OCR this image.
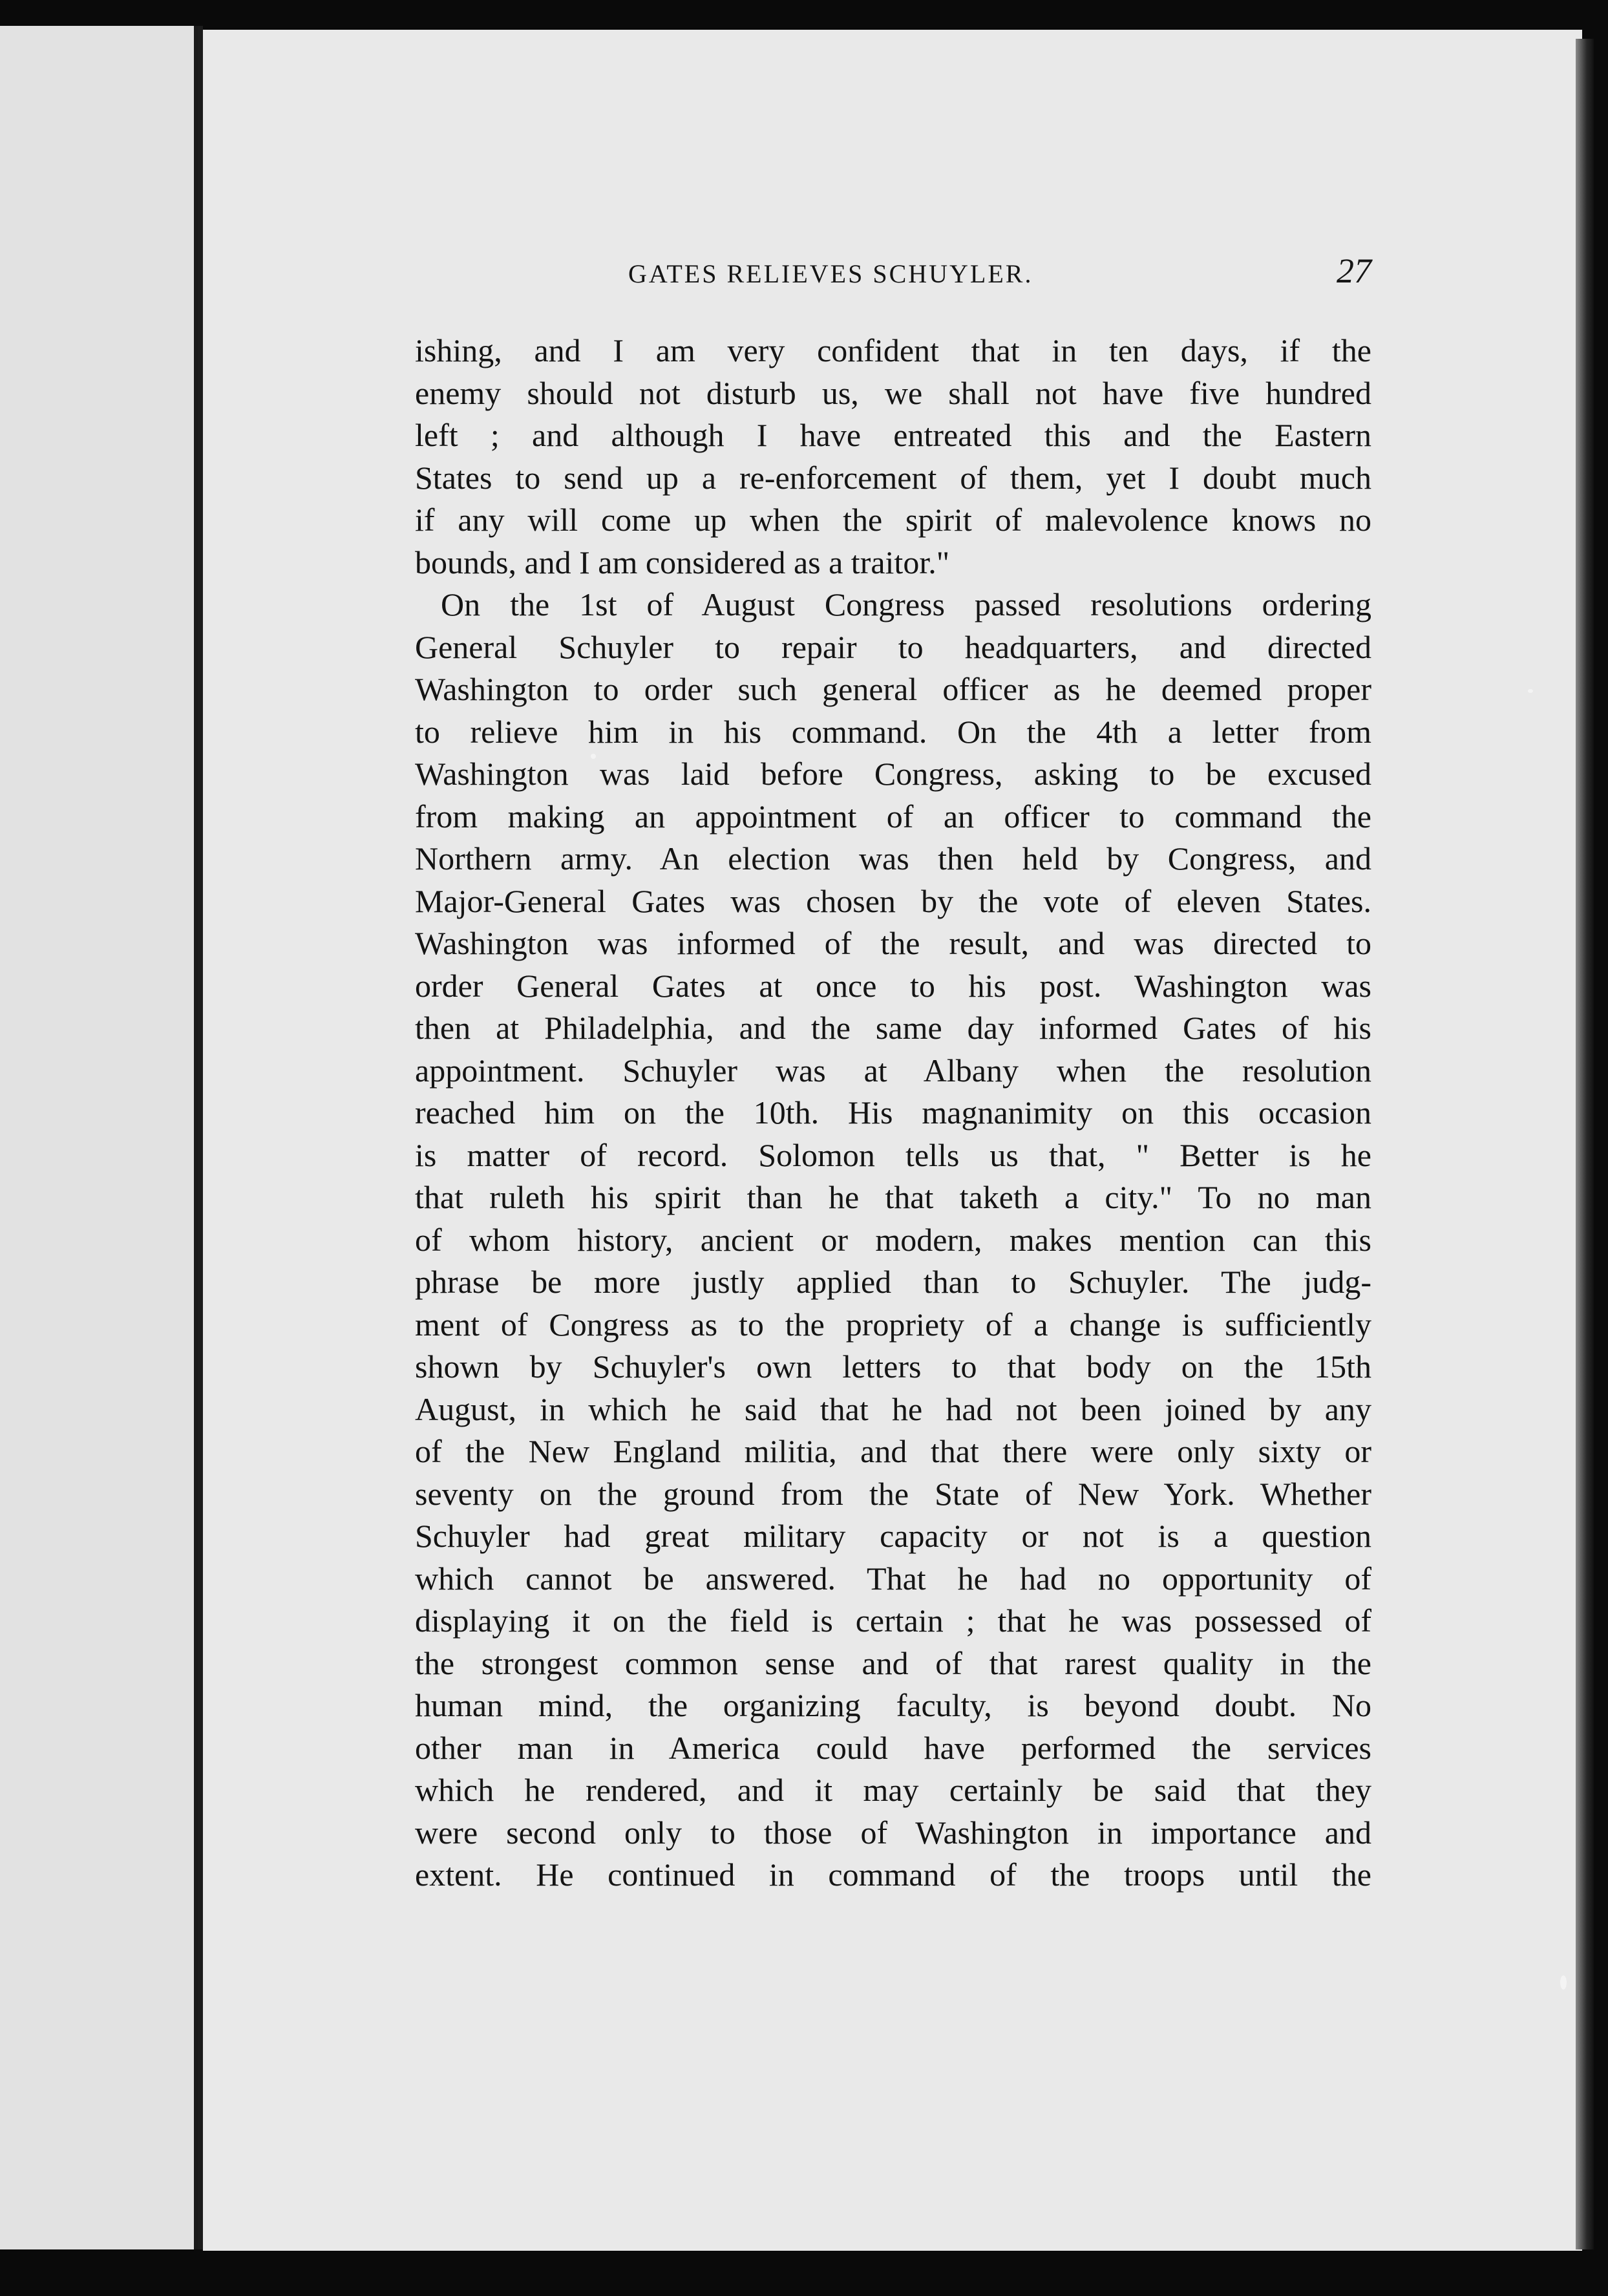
GATES RELIEVES SCHUYLER.	27
ishing, and I am very confident that in ten days, if the
enemy should not disturb us, we shall not have five hundred
left ; and although I have entreated this and the Eastern
States to send up a re-enforcement of them, yet I doubt much
if any will come up when the spirit of malevolence knows no
bounds, and I am considered as a traitor."
On the 1st of August Congress passed resolutions ordering
General Schuyler to repair to headquarters, and directed
Washington to order such general officer as he deemed proper
to relieve him in his command. On the 4th a letter from
Washington was laid before Congress, asking to be excused
from making an appointment of an officer to command the
Northern army. An election was then held by Congress, and
Major-General Gates was chosen by the vote of eleven States.
Washington was informed of the result, and was directed to
order General Gates at once to his post. Washington was
then at Philadelphia, and the same day informed Gates of his
appointment. Schuyler was at Albany when the resolution
reached him on the 10th. His magnanimity on this occasion
is matter of record. Solomon tells us that, " Better is he
that ruleth his spirit than he that taketh a city." To no man
of whom history, ancient or modern, makes mention can this
phrase be more justly applied than to Schuyler. The judg-
ment of Congress as to the propriety of a change is sufficiently
shown by Schuyler's own letters to that body on the 15th
August, in which he said that he had not been joined by any
of the New England militia, and that there were only sixty or
seventy on the ground from the State of New York. Whether
Schuyler had great military capacity or not is a question
which cannot be answered. That he had no opportunity of
displaying it on the field is certain ; that he was possessed of
the strongest common sense and of that rarest quality in the
human mind, the organizing faculty, is beyond doubt. No
other man in America could have performed the services
which he rendered, and it may certainly be said that they
were second only to those of Washington in importance and
extent. He continued in command of the troops until the
